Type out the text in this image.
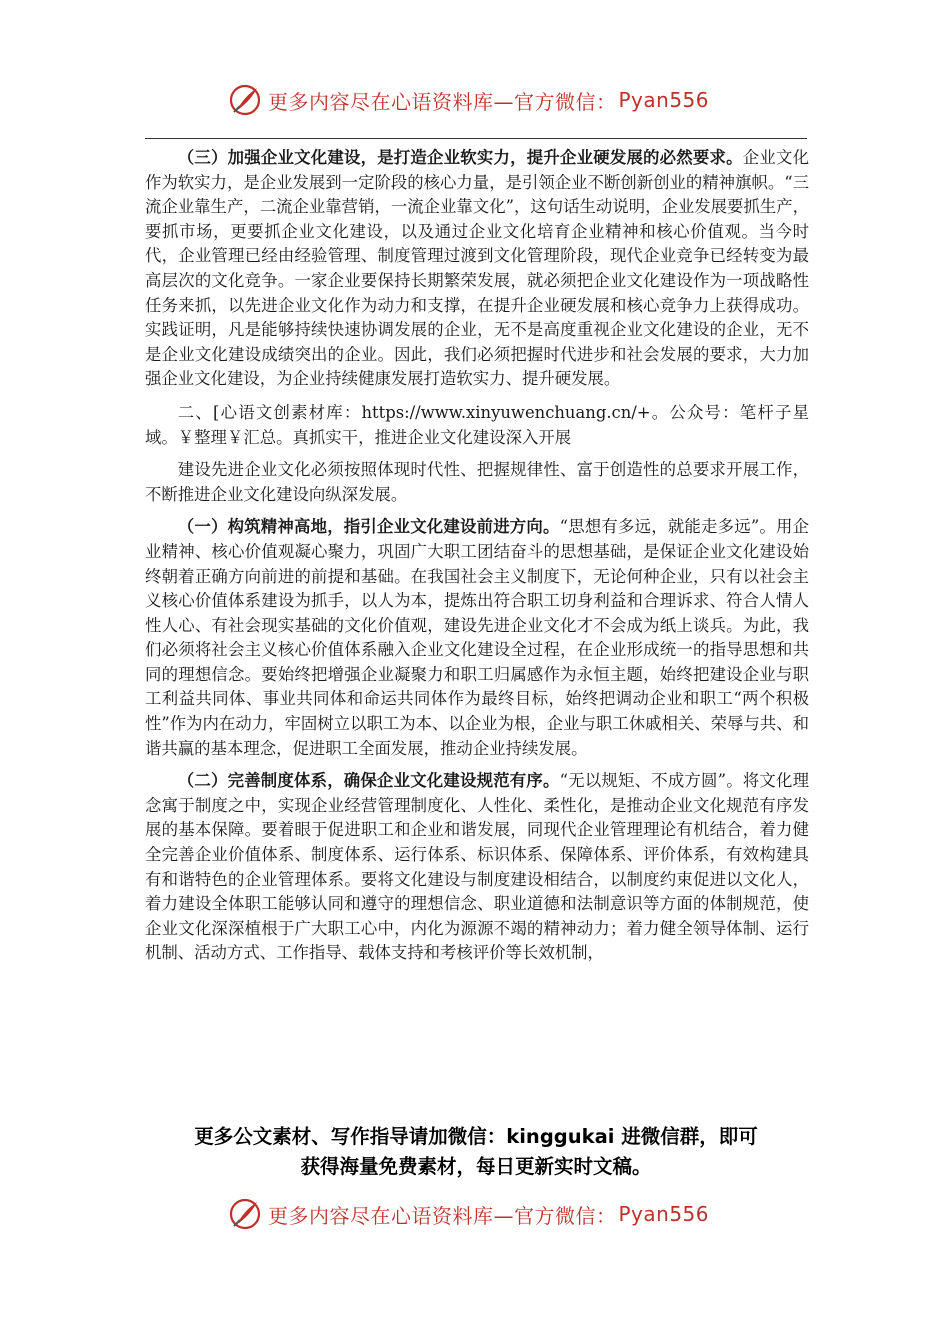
更多内容尽在心语资料库—官方微信： Pyan556

（三）加强企业文化建设，是打造企业软实力，提升企业硬发展的必然要求。企业文化作为软实力，是企业发展到一定阶段的核心力量，是引领企业不断创新创业的精神旗帜。“三流企业靠生产，二流企业靠营销，一流企业靠文化”，这句话生动说明，企业发展要抓生产，要抓市场，更要抓企业文化建设，以及通过企业文化培育企业精神和核心价值观。当今时代，企业管理已经由经验管理、制度管理过渡到文化管理阶段，现代企业竞争已经转变为最高层次的文化竞争。一家企业要保持长期繁荣发展，就必须把企业文化建设作为一项战略性任务来抓，以先进企业文化作为动力和支撑，在提升企业硬发展和核心竞争力上获得成功。实践证明，凡是能够持续快速协调发展的企业，无不是高度重视企业文化建设的企业，无不是企业文化建设成绩突出的企业。因此，我们必须把握时代进步和社会发展的要求，大力加强企业文化建设，为企业持续健康发展打造软实力、提升硬发展。

二、[心语文创素材库：https://www.xinyuwenchuang.cn/+。公众号：笔杆子星域。￥整理￥汇总。真抓实干，推进企业文化建设深入开展

建设先进企业文化必须按照体现时代性、把握规律性、富于创造性的总要求开展工作，不断推进企业文化建设向纵深发展。

（一）构筑精神高地，指引企业文化建设前进方向。“思想有多远，就能走多远”。用企业精神、核心价值观凝心聚力，巩固广大职工团结奋斗的思想基础，是保证企业文化建设始终朝着正确方向前进的前提和基础。在我国社会主义制度下，无论何种企业，只有以社会主义核心价值体系建设为抓手，以人为本，提炼出符合职工切身利益和合理诉求、符合人情人性人心、有社会现实基础的文化价值观，建设先进企业文化才不会成为纸上谈兵。为此，我们必须将社会主义核心价值体系融入企业文化建设全过程，在企业形成统一的指导思想和共同的理想信念。要始终把增强企业凝聚力和职工归属感作为永恒主题，始终把建设企业与职工利益共同体、事业共同体和命运共同体作为最终目标，始终把调动企业和职工“两个积极性”作为内在动力，牢固树立以职工为本、以企业为根，企业与职工休戚相关、荣辱与共、和谐共赢的基本理念，促进职工全面发展，推动企业持续发展。

（二）完善制度体系，确保企业文化建设规范有序。“无以规矩、不成方圆”。将文化理念寓于制度之中，实现企业经营管理制度化、人性化、柔性化，是推动企业文化规范有序发展的基本保障。要着眼于促进职工和企业和谐发展，同现代企业管理理论有机结合，着力健全完善企业价值体系、制度体系、运行体系、标识体系、保障体系、评价体系，有效构建具有和谐特色的企业管理体系。要将文化建设与制度建设相结合，以制度约束促进以文化人，着力建设全体职工能够认同和遵守的理想信念、职业道德和法制意识等方面的体制规范，使企业文化深深植根于广大职工心中，内化为源源不竭的精神动力；着力健全领导体制、运行机制、活动方式、工作指导、载体支持和考核评价等长效机制，

更多公文素材、写作指导请加微信：kinggukai 进微信群，即可
获得海量免费素材，每日更新实时文稿。
更多内容尽在心语资料库—官方微信： Pyan556
